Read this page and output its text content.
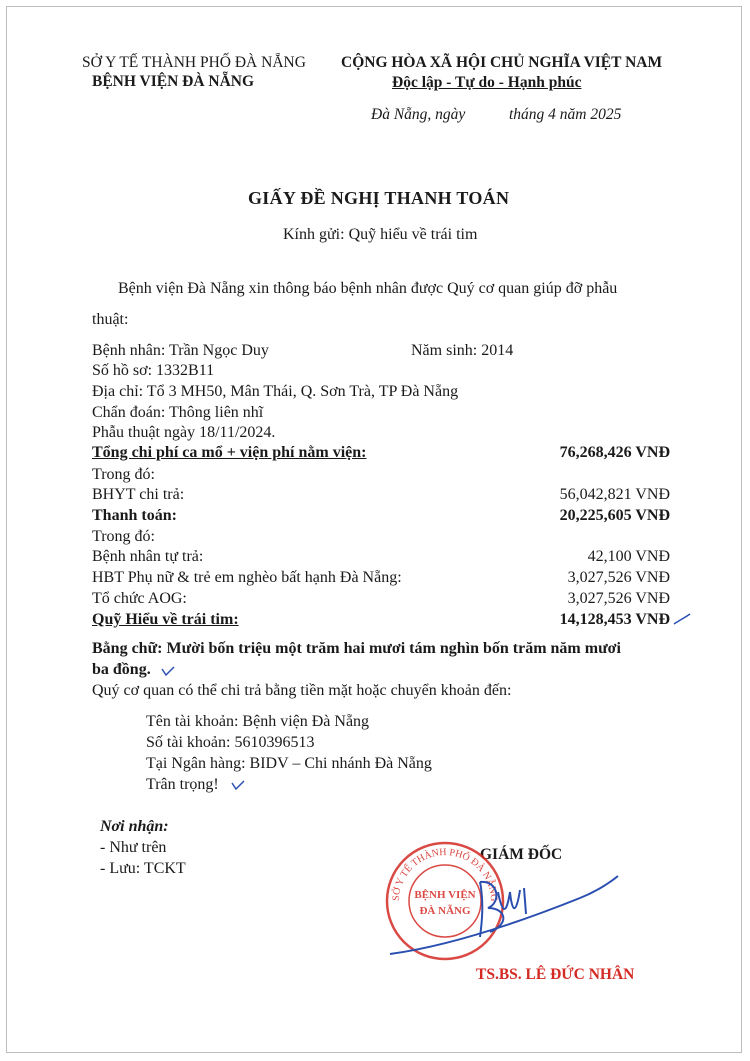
SỞ Y TẾ THÀNH PHỐ ĐÀ NẴNG
BỆNH VIỆN ĐÀ NẴNG
CỘNG HÒA XÃ HỘI CHỦ NGHĨA VIỆT NAM
Độc lập - Tự do - Hạnh phúc
Đà Nẵng, ngày	tháng 4 năm 2025
GIẤY ĐỀ NGHỊ THANH TOÁN
Kính gửi: Quỹ hiểu về trái tim
Bệnh viện Đà Nẵng xin thông báo bệnh nhân được Quý cơ quan giúp đỡ phẫu
thuật:
Bệnh nhân: Trần Ngọc Duy	Năm sinh: 2014
Số hồ sơ: 1332B11
Địa chỉ: Tổ 3 MH50, Mân Thái, Q. Sơn Trà, TP Đà Nẵng
Chẩn đoán: Thông liên nhĩ
Phẫu thuật ngày 18/11/2024.
Tổng chi phí ca mổ + viện phí nằm viện:	76,268,426 VNĐ
Trong đó:
BHYT chi trả:	56,042,821 VNĐ
Thanh toán:	20,225,605 VNĐ
Trong đó:
Bệnh nhân tự trả:	42,100 VNĐ
HBT Phụ nữ & trẻ em nghèo bất hạnh Đà Nẵng:	3,027,526 VNĐ
Tổ chức AOG:	3,027,526 VNĐ
Quỹ Hiểu về trái tim:	14,128,453 VNĐ
Bằng chữ: Mười bốn triệu một trăm hai mươi tám nghìn bốn trăm năm mươi
ba đồng.
Quý cơ quan có thể chi trả bằng tiền mặt hoặc chuyển khoản đến:
Tên tài khoản: Bệnh viện Đà Nẵng
Số tài khoản: 5610396513
Tại Ngân hàng: BIDV – Chi nhánh Đà Nẵng
Trân trọng!
Nơi nhận:
- Như trên
- Lưu: TCKT
GIÁM ĐỐC
SỞ Y TẾ THÀNH PHỐ ĐÀ NẴNG
BỆNH VIỆN
ĐÀ NẴNG
TS.BS. LÊ ĐỨC NHÂN
